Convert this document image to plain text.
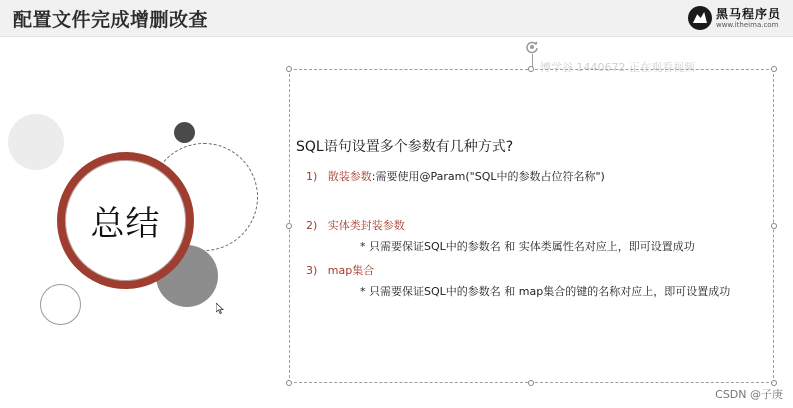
配置文件完成增删改查	黑马程序员
www.itheima.com
总结
博学谷 1440672 正在观看视频
SQL语句设置多个参数有几种方式?
1) 散装参数:需要使用@Param("SQL中的参数占位符名称")
2) 实体类封装参数
* 只需要保证SQL中的参数名 和 实体类属性名对应上，即可设置成功
3) map集合
* 只需要保证SQL中的参数名 和 map集合的键的名称对应上，即可设置成功
CSDN @子庚
